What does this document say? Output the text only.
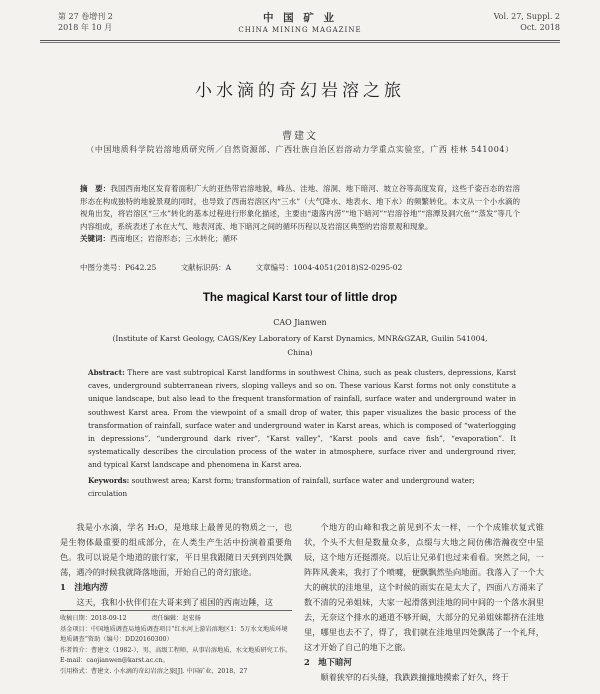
第 27 卷增刊 2
2018 年 10 月
中 国 矿 业
CHINA MINING MAGAZINE
Vol. 27, Suppl. 2
Oct. 2018
小水滴的奇幻岩溶之旅
曹建文
（中国地质科学院岩溶地质研究所／自然资源部、广西壮族自治区岩溶动力学重点实验室，广西 桂林 541004）
摘　要：我国西南地区发育着面积广大的亚热带岩溶地貌，峰丛、洼地、溶洞、地下暗河、坡立谷等高度发育，这些千姿百态的岩溶形态在构成独特的地貌景观的同时，也导致了西南岩溶区内“三水”（大气降水、地表水、地下水）的频繁转化。本文从一个小水滴的视角出发，将岩溶区“三水”转化的基本过程进行形象化描述，主要由“遗落内涝”“地下暗河”“岩溶谷地”“溶潭及洞穴鱼”“蒸发”等几个内容组成，系统表述了水在大气、地表河流、地下暗河之间的循环历程以及岩溶区典型的岩溶景观和现象。
关键词：西南地区；岩溶形态；三水转化；循环
中图分类号：P642.25	文献标识码：A	文章编号：1004-4051(2018)S2-0295-02
The magical Karst tour of little drop
CAO Jianwen
(Institute of Karst Geology, CAGS/Key Laboratory of Karst Dynamics, MNR&GZAR, Guilin 541004, China)
Abstract: There are vast subtropical Karst landforms in southwest China, such as peak clusters, depressions, Karst caves, underground subterranean rivers, sloping valleys and so on. These various Karst forms not only constitute a unique landscape, but also lead to the frequent transformation of rainfall, surface water and underground water in southwest Karst area. From the viewpoint of a small drop of water, this paper visualizes the basic process of the transformation of rainfall, surface water and underground water in Karst areas, which is composed of “waterlogging in depressions”, “underground dark river”, “Karst valley”, “Karst pools and cave fish”, “evaporation”. It systematically describes the circulation process of the water in atmosphere, surface river and underground river, and typical Karst landscape and phenomena in Karst area.
Keywords: southwest area; Karst form; transformation of rainfall, surface water and underground water; circulation

我是小水滴，学名 H₂O，是地球上最普见的物质之一，也是生物体最重要的组成部分，在人类生产生活中扮演着重要角色。我可以说是个地道的旅行家，平日里我跟随日天到到四处飘荡，遇冷的时候我就降落地面，开始自己的奇幻旅途。

1　洼地内涝

这天，我和小伙伴们在大哥来到了祖国的西南边陲，这

收稿日期：2018-09-12　　　　责任编辑：赵宏扬
基金项目：中国地质调查局地质调查项目“红水河上游岩溶地区1：5万水文地质环境地质调查”资助（编号：DD20160300）
作者简介：曹建文（1982-），男，高级工程师，从事岩溶地质、水文地质研究工作。E-mail：caojianwen@karst.ac.cn。
引用格式：曹建文. 小水滴的奇幻岩溶之旅[J]. 中国矿业，2018，27

个地方的山峰和我之前见到不太一样，一个个成锥状复式锥状，个头不大但是数量众多，点缀与大地之间仿佛浩瀚夜空中星辰，这个地方还挺漂亮。以后让兄弟们也过来看看。突然之间，一阵阵风袭来，我打了个喷嚏，便飘飘然坠向地面。我落入了一个大大的碗状的洼地里，这个时候的雨实在是太大了，四面八方涌来了数不清的兄弟姐妹，大家一起滑落到洼地的同中间的一个落水洞里去，无奈这个排水的通道不够开阔，大部分的兄弟姐妹都挤在洼地里，哪里也去不了，得了，我们就在洼地里四处飘荡了一个礼拜，这才开始了自己的地下之旅。

2　地下暗河

顺着狭窄的石头缝，我跌跌撞撞地摸索了好久，终于
